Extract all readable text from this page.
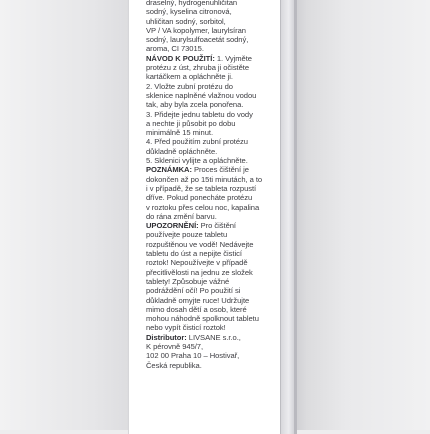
draselný, hydrogenuhličitan
sodný, kyselina citronová,
uhličitan sodný, sorbitol,
VP / VA kopolymer, laurylsíran
sodný, laurylsulfoacetát sodný,
aroma, CI 73015.
NÁVOD K POUŽITÍ: 1. Vyjměte
protézu z úst, zhruba ji očistěte
kartáčkem a opláchněte ji.
2. Vložte zubní protézu do
sklenice naplněné vlažnou vodou
tak, aby byla zcela ponořena.
3. Přidejte jednu tabletu do vody
a nechte ji působit po dobu
minimálně 15 minut.
4. Před použitím zubní protézu
důkladně opláchněte.
5. Sklenici vylijte a opláchněte.
POZNÁMKA: Proces čištění je
dokončen až po 15ti minutách, a to
i v případě, že se tableta rozpustí
dříve. Pokud ponecháte protézu
v roztoku přes celou noc, kapalina
do rána změní barvu.
UPOZORNĚNÍ: Pro čištění
používejte pouze tabletu
rozpuštěnou ve vodě! Nedávejte
tabletu do úst a nepijte čisticí
roztok! Nepoužívejte v případě
přecitlivělosti na jednu ze složek
tablety! Způsobuje vážné
podráždění očí! Po použití si
důkladně omyjte ruce! Udržujte
mimo dosah dětí a osob, které
mohou náhodně spolknout tabletu
nebo vypít čisticí roztok!
Distributor: LIVSANE s.r.o.,
K pérovně 945/7,
102 00 Praha 10 – Hostivař,
Česká republika.
